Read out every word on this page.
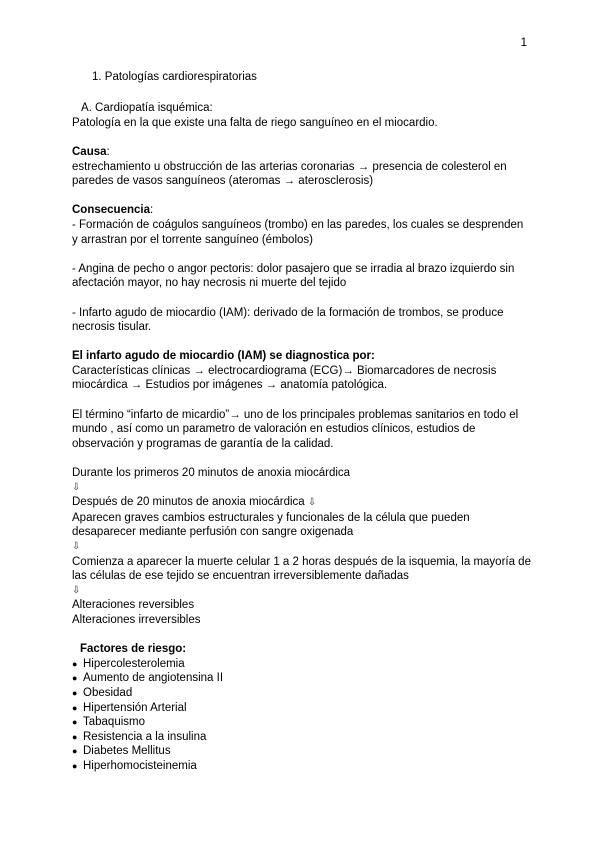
1

1. Patologías cardiorespiratorias

A. Cardiopatía isquémica:

Patología en la que existe una falta de riego sanguíneo en el miocardio.

Causa:

estrechamiento u obstrucción de las arterias coronarias → presencia de colesterol en paredes de vasos sanguíneos (ateromas → aterosclerosis)

Consecuencia:

- Formación de coágulos sanguíneos (trombo) en las paredes, los cuales se desprenden y arrastran por el torrente sanguíneo (émbolos)

- Angina de pecho o angor pectoris: dolor pasajero que se irradia al brazo izquierdo sin afectación mayor, no hay necrosis ni muerte del tejido

- Infarto agudo de miocardio (IAM): derivado de la formación de trombos, se produce necrosis tisular.

El infarto agudo de miocardio (IAM) se diagnostica por:

Características clínicas → electrocardiograma (ECG)→ Biomarcadores de necrosis miocárdica → Estudios por imágenes → anatomía patológica.

El término “infarto de micardio”→ uno de los principales problemas sanitarios en todo el mundo , así como un parametro de valoración en estudios clínicos, estudios de observación y programas de garantía de la calidad.

Durante los primeros 20 minutos de anoxia miocárdica

⇩

Después de 20 minutos de anoxia miocárdica ⇩

Aparecen graves cambios estructurales y funcionales de la célula que pueden desaparecer mediante perfusión con sangre oxigenada

⇩

Comienza a aparecer la muerte celular 1 a 2 horas después de la isquemia, la mayoría de las células de ese tejido se encuentran irreversiblemente dañadas

⇩

Alteraciones reversibles

Alteraciones irreversibles

Factores de riesgo:

● Hipercolesterolemia
● Aumento de angiotensina II
● Obesidad
● Hipertensión Arterial
● Tabaquismo
● Resistencia a la insulina
● Diabetes Mellitus
● Hiperhomocisteinemia
